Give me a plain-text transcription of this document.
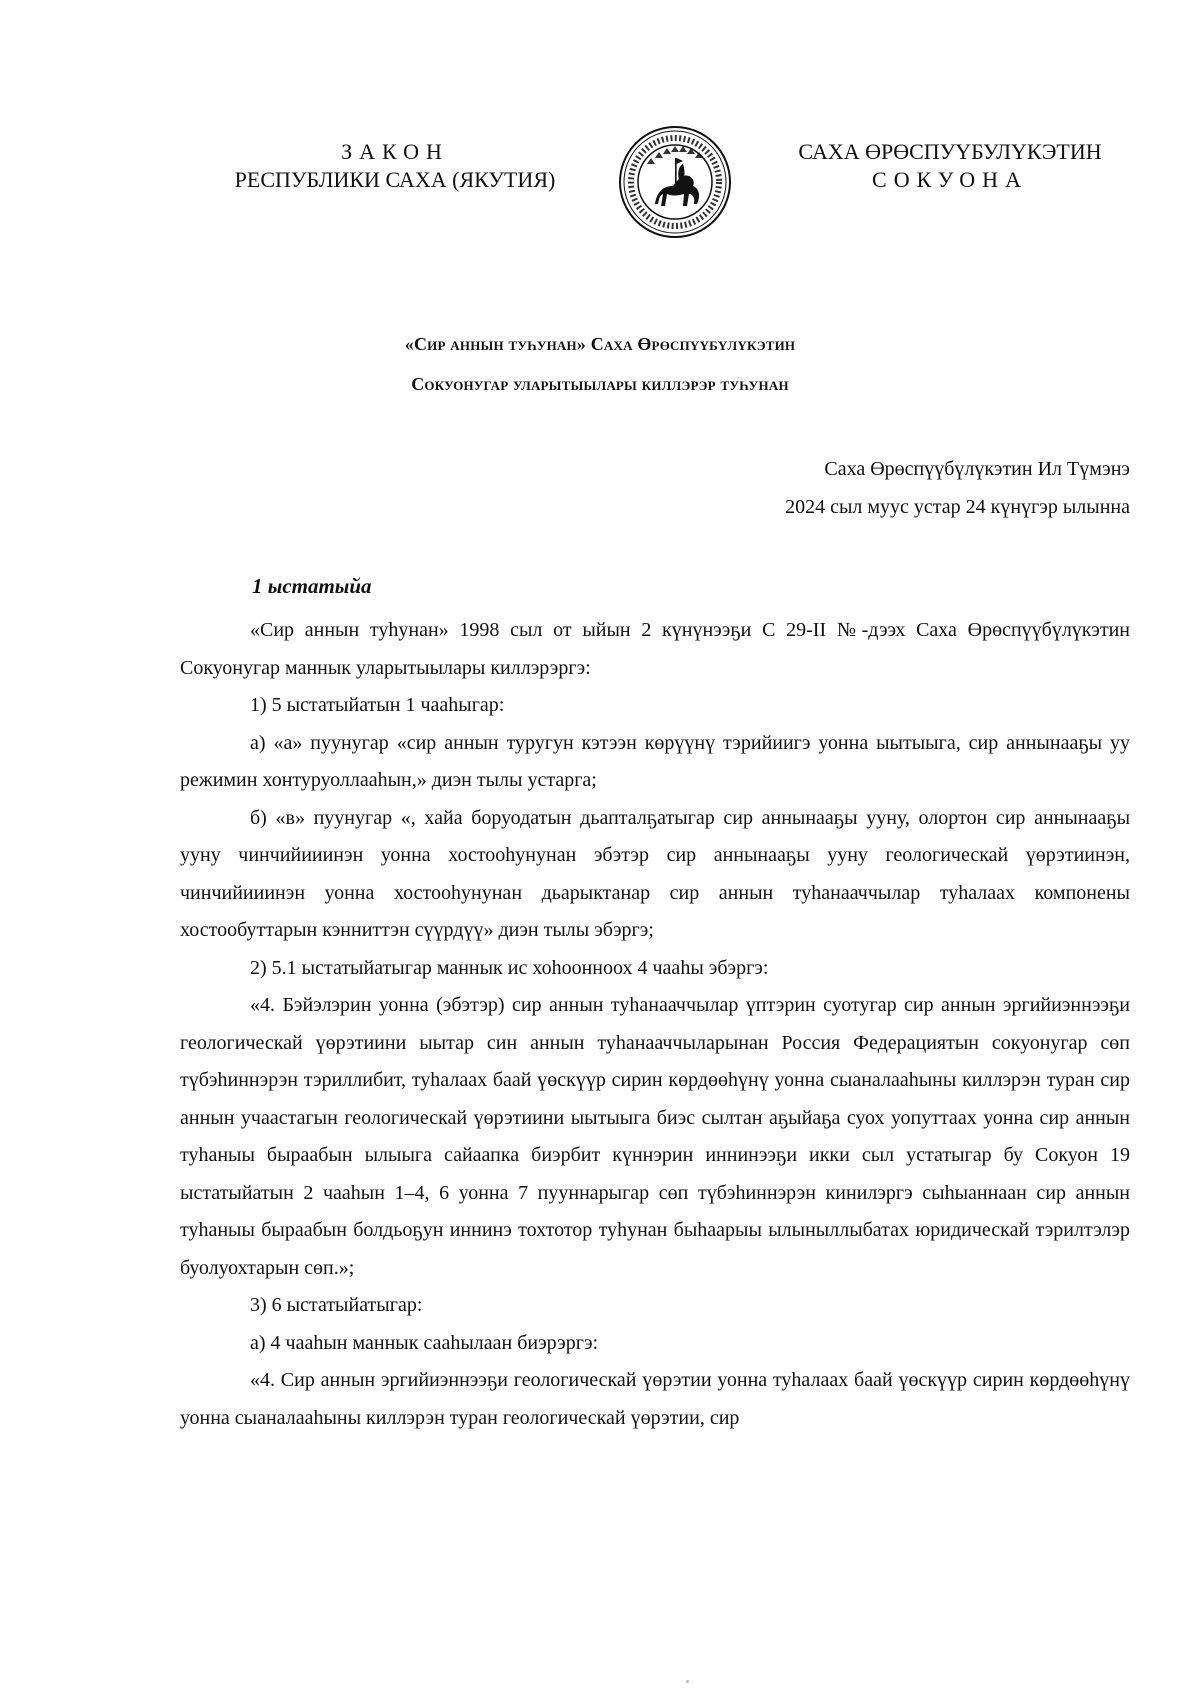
ЗАКОН
РЕСПУБЛИКИ САХА (ЯКУТИЯ)
САХА ӨРӨСПУҮБУЛҮКЭТИН
СОКУОНА
«Сир аннын туһунан» Саха Өрөспүүбүлүкэтин
Сокуонугар уларытыылары киллэрэр туһунан
Саха Өрөспүүбүлүкэтин Ил Түмэнэ
2024 сыл муус устар 24 күнүгэр ылынна
1 ыстатыйа

«Сир аннын туһунан» 1998 сыл от ыйын 2 күнүнээҕи С 29-II №-дээх Саха Өрөспүүбүлүкэтин Сокуонугар маннык уларытыылары киллэрэргэ:

1) 5 ыстатыйатын 1 чааһыгар:

а) «а» пуунугар «сир аннын туругун кэтээн көрүүнү тэрийиигэ уонна ыытыыга, сир аннынааҕы уу режимин хонтуруоллааһын,» диэн тылы устарга;

б) «в» пуунугар «, хайа боруодатын дьапталҕатыгар сир аннынааҕы ууну, олортон сир аннынааҕы ууну чинчийииинэн уонна хостооһунунан эбэтэр сир аннынааҕы ууну геологическай үөрэтиинэн, чинчийииинэн уонна хостооһунунан дьарыктанар сир аннын туһанааччылар туһалаах компонены хостообуттарын кэнниттэн сүүрдүү» диэн тылы эбэргэ;

2) 5.1 ыстатыйатыгар маннык ис хоһоонноох 4 чааһы эбэргэ:

«4. Бэйэлэрин уонна (эбэтэр) сир аннын туһанааччылар үптэрин суотугар сир аннын эргийиэннээҕи геологическай үөрэтиини ыытар син аннын туһанааччыларынан Россия Федерациятын сокуонугар сөп түбэһиннэрэн тэриллибит, туһалаах баай үөскүүр сирин көрдөөһүнү уонна сыаналааһыны киллэрэн туран сир аннын учаастагын геологическай үөрэтиини ыытыыга биэс сылтан аҕыйаҕа суох уопуттаах уонна сир аннын туһаныы быраабын ылыыга сайаапка биэрбит күннэрин иннинээҕи икки сыл устатыгар бу Сокуон 19 ыстатыйатын 2 чааһын 1–4, 6 уонна 7 пууннарыгар сөп түбэһиннэрэн кинилэргэ сыһыаннаан сир аннын туһаныы быраабын болдьоҕун иннинэ тохтотор туһунан быһаарыы ылыныллыбатах юридическай тэрилтэлэр буолуохтарын сөп.»;

3) 6 ыстатыйатыгар:

а) 4 чааһын маннык сааһылаан биэрэргэ:

«4. Сир аннын эргийиэннээҕи геологическай үөрэтии уонна туһалаах баай үөскүүр сирин көрдөөһүнү уонна сыаналааһыны киллэрэн туран геологическай үөрэтии, сир
